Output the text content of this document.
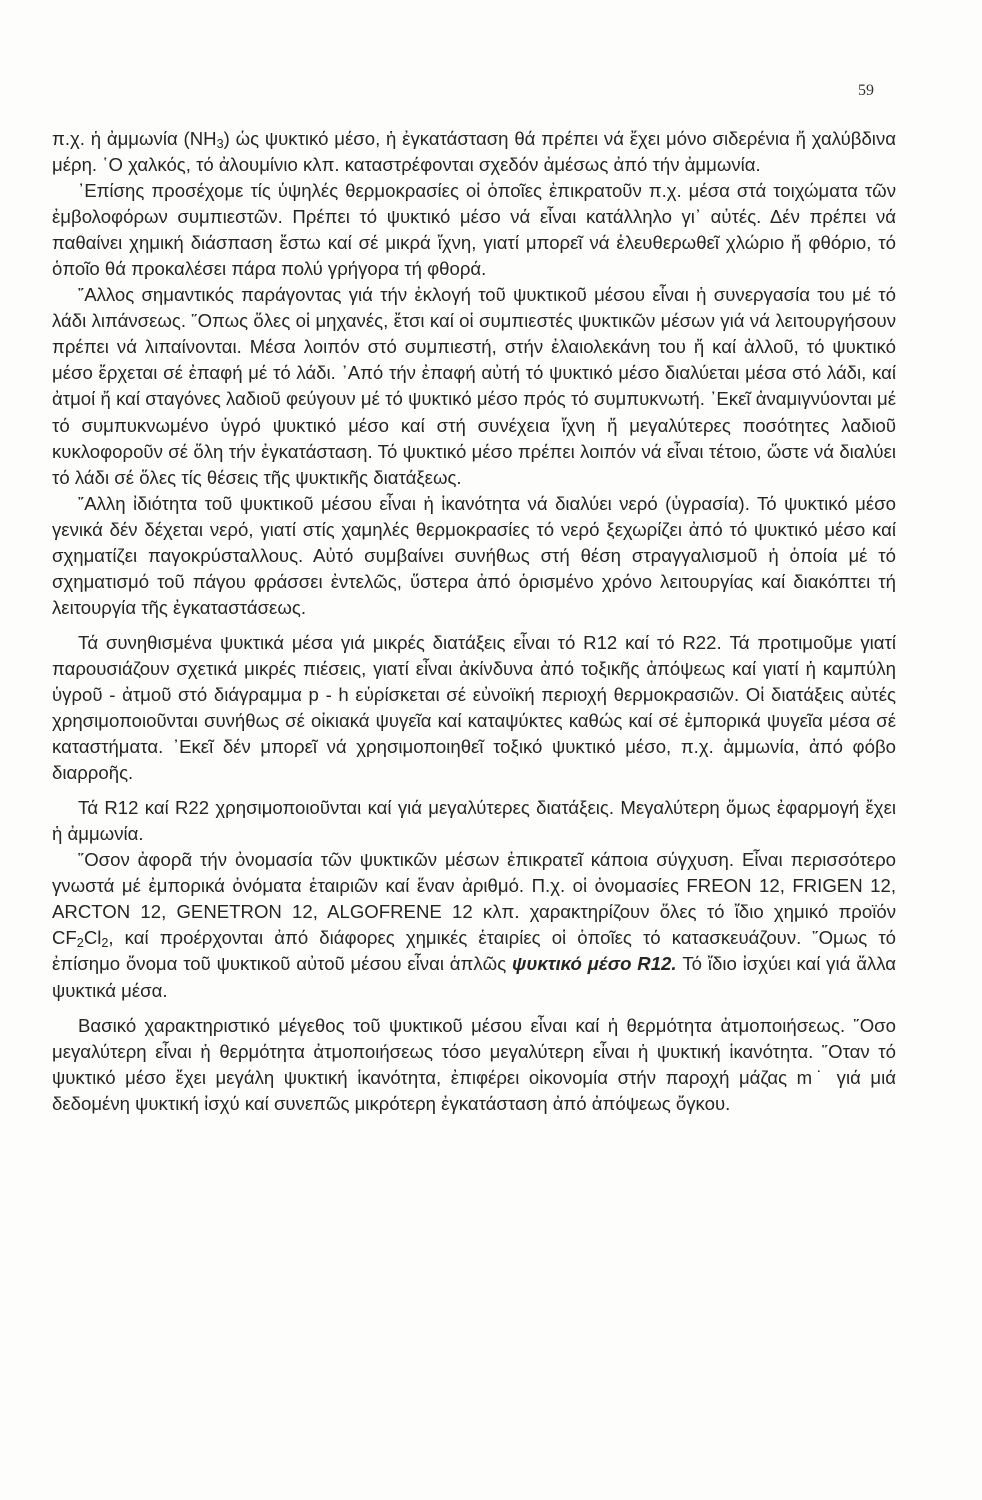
59

π.χ. ἡ ἀμμωνία $(NH_3)$ ὡς ψυκτικό μέσο, ἡ ἐγκατάσταση θά πρέπει νά ἔχει μόνο σιδερένια ἤ χαλύβδινα μέρη. ῾Ο χαλκός, τό ἀλουμίνιο κλπ. καταστρέφονται σχεδόν ἀμέσως ἀπό τήν ἀμμωνία.

᾿Επίσης προσέχομε τίς ὑψηλές θερμοκρασίες οἱ ὁποῖες ἐπικρατοῦν π.χ. μέσα στά τοιχώματα τῶν ἐμβολοφόρων συμπιεστῶν. Πρέπει τό ψυκτικό μέσο νά εἶναι κατάλληλο γι᾿ αὐτές. Δέν πρέπει νά παθαίνει χημική διάσπαση ἔστω καί σέ μικρά ἴχνη, γιατί μπορεῖ νά ἐλευθερωθεῖ χλώριο ἤ φθόριο, τό ὁποῖο θά προκαλέσει πάρα πολύ γρήγορα τή φθορά.

῎Αλλος σημαντικός παράγοντας γιά τήν ἐκλογή τοῦ ψυκτικοῦ μέσου εἶναι ἡ συνεργασία του μέ τό λάδι λιπάνσεως. ῞Οπως ὅλες οἱ μηχανές, ἔτσι καί οἱ συμπιεστές ψυκτικῶν μέσων γιά νά λειτουργήσουν πρέπει νά λιπαίνονται. Μέσα λοιπόν στό συμπιεστή, στήν ἐλαιολεκάνη του ἤ καί ἀλλοῦ, τό ψυκτικό μέσο ἔρχεται σέ ἐπαφή μέ τό λάδι. ᾿Από τήν ἐπαφή αὐτή τό ψυκτικό μέσο διαλύεται μέσα στό λάδι, καί ἀτμοί ἤ καί σταγόνες λαδιοῦ φεύγουν μέ τό ψυκτικό μέσο πρός τό συμπυκνωτή. ᾿Εκεῖ ἀναμιγνύονται μέ τό συμπυκνωμένο ὑγρό ψυκτικό μέσο καί στή συνέχεια ἴχνη ἤ μεγαλύτερες ποσότητες λαδιοῦ κυκλοφοροῦν σέ ὅλη τήν ἐγκατάσταση. Τό ψυκτικό μέσο πρέπει λοιπόν νά εἶναι τέτοιο, ὥστε νά διαλύει τό λάδι σέ ὅλες τίς θέσεις τῆς ψυκτικῆς διατάξεως.

῎Αλλη ἰδιότητα τοῦ ψυκτικοῦ μέσου εἶναι ἡ ἱκανότητα νά διαλύει νερό (ὑγρασία). Τό ψυκτικό μέσο γενικά δέν δέχεται νερό, γιατί στίς χαμηλές θερμοκρασίες τό νερό ξεχωρίζει ἀπό τό ψυκτικό μέσο καί σχηματίζει παγοκρύσταλλους. Αὐτό συμβαίνει συνήθως στή θέση στραγγαλισμοῦ ἡ ὁποία μέ τό σχηματισμό τοῦ πάγου φράσσει ἐντελῶς, ὕστερα ἀπό ὁρισμένο χρόνο λειτουργίας καί διακόπτει τή λειτουργία τῆς ἐγκαταστάσεως.

Τά συνηθισμένα ψυκτικά μέσα γιά μικρές διατάξεις εἶναι τό R12 καί τό R22. Τά προτιμοῦμε γιατί παρουσιάζουν σχετικά μικρές πιέσεις, γιατί εἶναι ἀκίνδυνα ἀπό τοξικῆς ἀπόψεως καί γιατί ἡ καμπύλη ὑγροῦ - ἀτμοῦ στό διάγραμμα p - h εὑρίσκεται σέ εὐνοϊκή περιοχή θερμοκρασιῶν. Οἱ διατάξεις αὐτές χρησιμοποιοῦνται συνήθως σέ οἰκιακά ψυγεῖα καί καταψύκτες καθώς καί σέ ἐμπορικά ψυγεῖα μέσα σέ καταστήματα. ᾿Εκεῖ δέν μπορεῖ νά χρησιμοποιηθεῖ τοξικό ψυκτικό μέσο, π.χ. ἀμμωνία, ἀπό φόβο διαρροῆς.

Τά R12 καί R22 χρησιμοποιοῦνται καί γιά μεγαλύτερες διατάξεις. Μεγαλύτερη ὅμως ἐφαρμογή ἔχει ἡ ἀμμωνία.

῞Οσον ἀφορᾶ τήν ὀνομασία τῶν ψυκτικῶν μέσων ἐπικρατεῖ κάποια σύγχυση. Εἶναι περισσότερο γνωστά μέ ἐμπορικά ὀνόματα ἑταιριῶν καί ἕναν ἀριθμό. Π.χ. οἱ ὀνομασίες FREON 12, FRIGEN 12, ARCTON 12, GENETRON 12, ALGOFRENE 12 κλπ. χαρακτηρίζουν ὅλες τό ἴδιο χημικό προϊόν $CF_2Cl_2$, καί προέρχονται ἀπό διάφορες χημικές ἑταιρίες οἱ ὁποῖες τό κατασκευάζουν. ῞Ομως τό ἐπίσημο ὄνομα τοῦ ψυκτικοῦ αὐτοῦ μέσου εἶναι ἁπλῶς ψυκτικό μέσο R12. Τό ἴδιο ἰσχύει καί γιά ἄλλα ψυκτικά μέσα.

Βασικό χαρακτηριστικό μέγεθος τοῦ ψυκτικοῦ μέσου εἶναι καί ἡ θερμότητα ἀτμοποιήσεως. ῞Οσο μεγαλύτερη εἶναι ἡ θερμότητα ἀτμοποιήσεως τόσο μεγαλύτερη εἶναι ἡ ψυκτική ἱκανότητα. ῞Οταν τό ψυκτικό μέσο ἔχει μεγάλη ψυκτική ἱκανότητα, ἐπιφέρει οἰκονομία στήν παροχή μάζας m˙ γιά μιά δεδομένη ψυκτική ἰσχύ καί συνεπῶς μικρότερη ἐγκατάσταση ἀπό ἀπόψεως ὄγκου.
